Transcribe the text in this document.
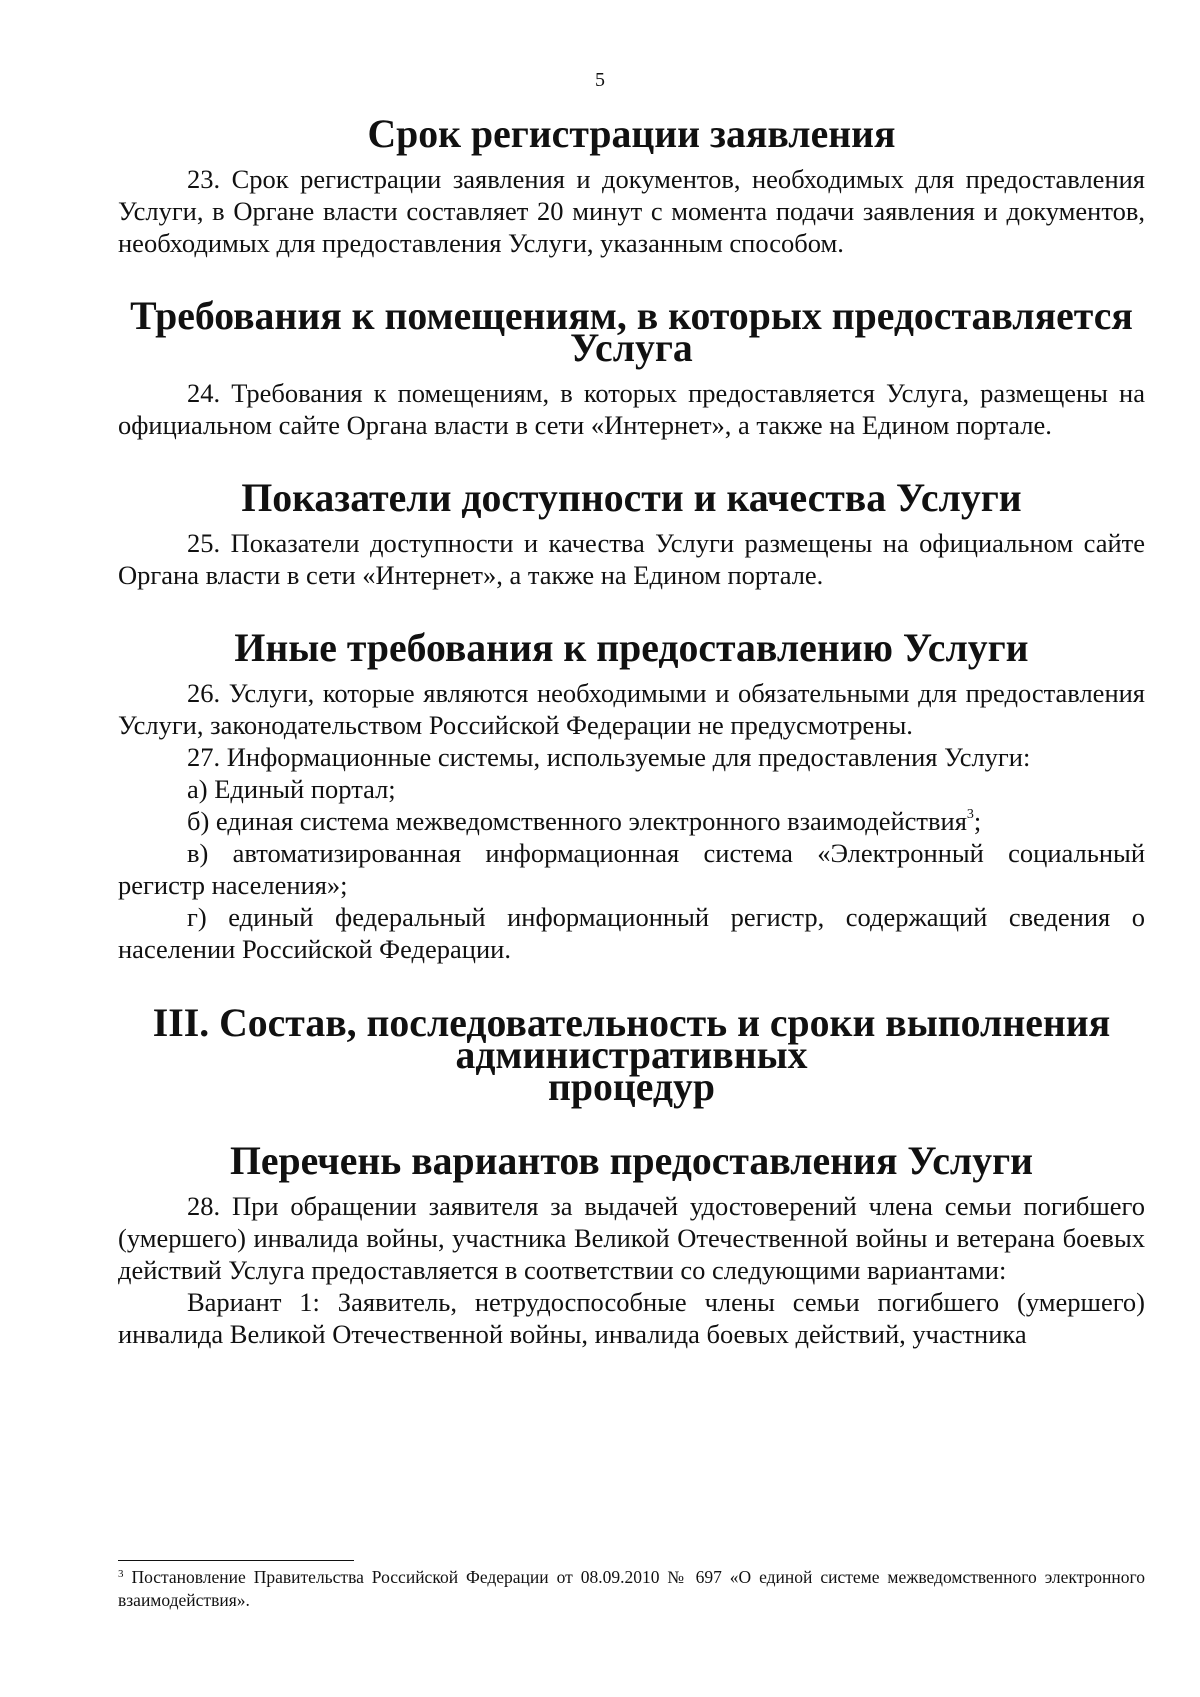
5
Срок регистрации заявления

23. Срок регистрации заявления и документов, необходимых для предоставления Услуги, в Органе власти составляет 20 минут с момента подачи заявления и документов, необходимых для предоставления Услуги, указанным способом.

Требования к помещениям, в которых предоставляется Услуга

24. Требования к помещениям, в которых предоставляется Услуга, размещены на официальном сайте Органа власти в сети «Интернет», а также на Едином портале.

Показатели доступности и качества Услуги

25. Показатели доступности и качества Услуги размещены на официальном сайте Органа власти в сети «Интернет», а также на Едином портале.

Иные требования к предоставлению Услуги

26. Услуги, которые являются необходимыми и обязательными для предоставления Услуги, законодательством Российской Федерации не предусмотрены.

27. Информационные системы, используемые для предоставления Услуги:

а) Единый портал;

б) единая система межведомственного электронного взаимодействия$^3$;

в) автоматизированная информационная система «Электронный социальный регистр населения»;

г) единый федеральный информационный регистр, содержащий сведения о населении Российской Федерации.

III. Состав, последовательность и сроки выполнения административных
процедур
Перечень вариантов предоставления Услуги

28. При обращении заявителя за выдачей удостоверений члена семьи погибшего (умершего) инвалида войны, участника Великой Отечественной войны и ветерана боевых действий Услуга предоставляется в соответствии со следующими вариантами:

Вариант 1: Заявитель, нетрудоспособные члены семьи погибшего (умершего) инвалида Великой Отечественной войны, инвалида боевых действий, участника

$^3$ Постановление Правительства Российской Федерации от 08.09.2010 № 697 «О единой системе межведомственного электронного взаимодействия».
